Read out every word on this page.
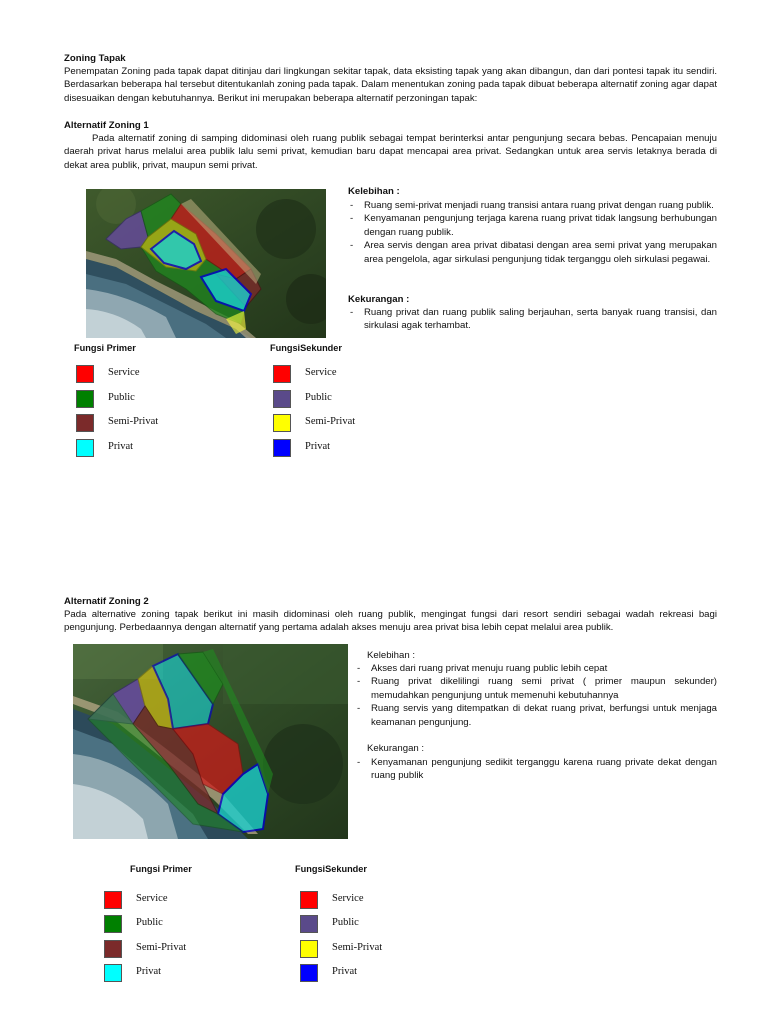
Zoning Tapak
Penempatan Zoning pada tapak dapat ditinjau dari lingkungan sekitar tapak, data eksisting tapak yang akan dibangun, dan dari pontesi tapak itu sendiri. Berdasarkan beberapa hal tersebut ditentukanlah zoning pada tapak. Dalam menentukan zoning pada tapak dibuat beberapa alternatif zoning agar dapat disesuaikan dengan kebutuhannya. Berikut ini merupakan beberapa alternatif perzoningan tapak:
Alternatif Zoning 1
Pada alternatif zoning di samping didominasi oleh ruang publik sebagai tempat berinterksi antar pengunjung secara bebas. Pencapaian menuju daerah privat harus melalui area publik lalu semi privat, kemudian baru dapat mencapai area privat. Sedangkan untuk area servis letaknya berada di dekat area publik, privat, maupun semi privat.
Kelebihan :
- Ruang semi-privat menjadi ruang transisi antara ruang privat dengan ruang publik.
- Kenyamanan pengunjung terjaga karena ruang privat tidak langsung berhubungan dengan ruang publik.
- Area servis dengan area privat dibatasi dengan area semi privat yang merupakan area pengelola, agar sirkulasi pengunjung tidak terganggu oleh sirkulasi pegawai.
Kekurangan :
- Ruang privat dan ruang publik saling berjauhan, serta banyak ruang transisi, dan sirkulasi agak terhambat.
Fungsi Primer	FungsiSekunder
Service
Public
Semi-Privat
Privat
Service
Public
Semi-Privat
Privat
Alternatif Zoning 2
Pada alternative zoning tapak berikut ini masih didominasi oleh ruang publik, mengingat fungsi dari resort sendiri sebagai wadah rekreasi bagi pengunjung. Perbedaannya dengan alternatif yang pertama adalah akses menuju area privat bisa lebih cepat melalui area publik.
Kelebihan :
- Akses dari ruang privat menuju ruang public lebih cepat
- Ruang privat dikelilingi ruang semi privat ( primer maupun sekunder) memudahkan pengunjung untuk memenuhi kebutuhannya
- Ruang servis yang ditempatkan di dekat ruang privat, berfungsi untuk menjaga keamanan pengunjung.
Kekurangan :
- Kenyamanan pengunjung sedikit terganggu karena ruang private dekat dengan ruang publik
Fungsi Primer	FungsiSekunder
Service
Public
Semi-Privat
Privat
Service
Public
Semi-Privat
Privat
